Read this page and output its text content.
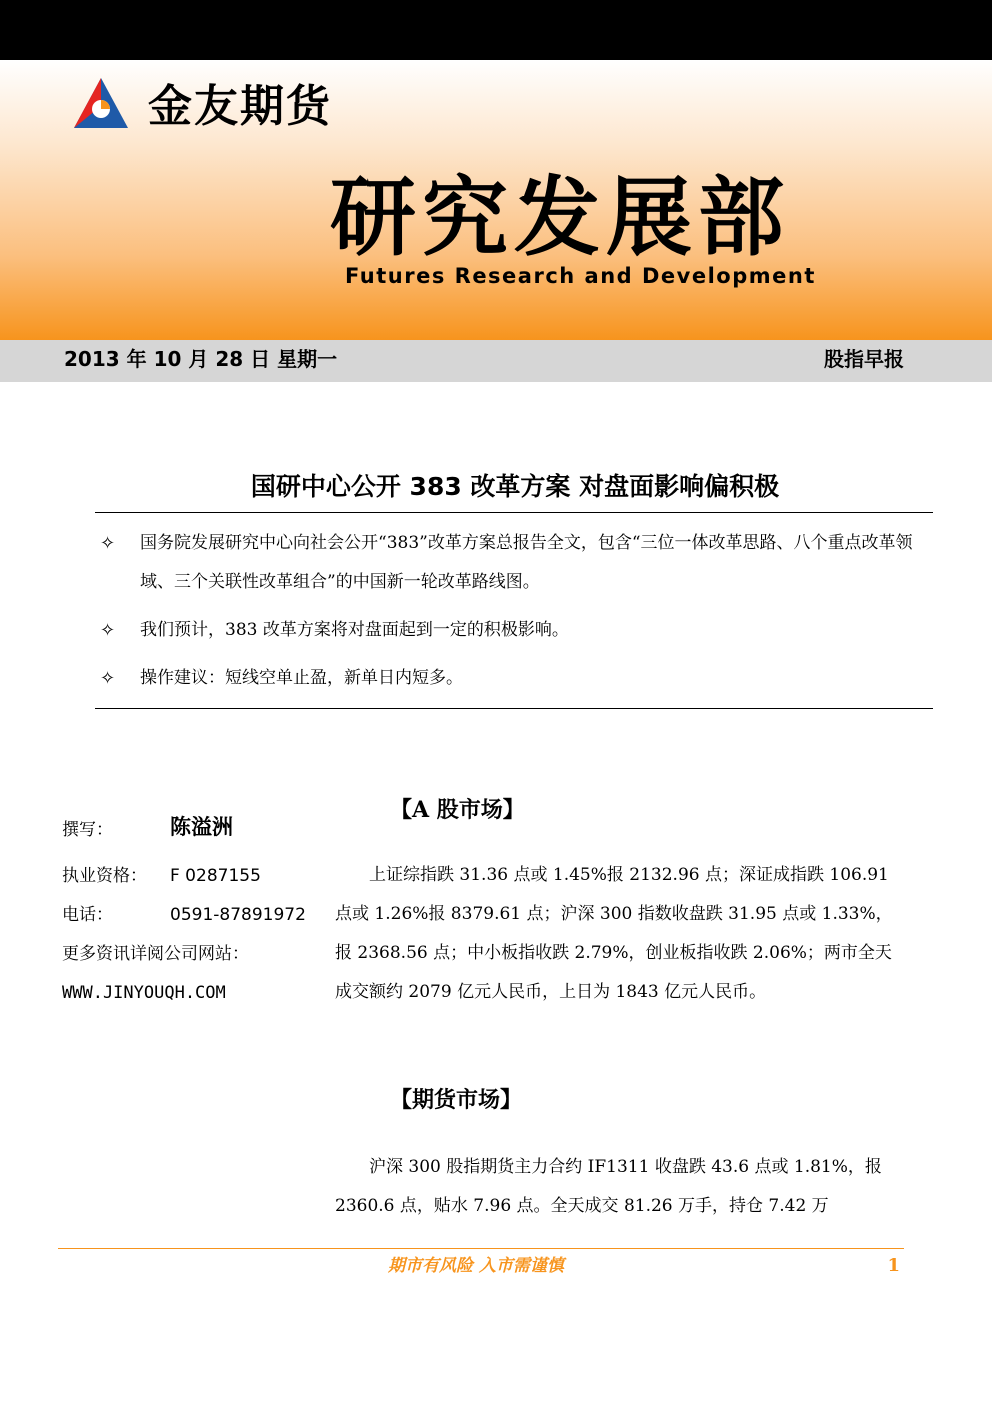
金友期货
研究发展部
Futures Research and Development
2013 年 10 月 28 日 星期一	股指早报
国研中心公开 383 改革方案 对盘面影响偏积极
✧	国务院发展研究中心向社会公开“383”改革方案总报告全文，包含“三位一体改革思路、八个重点改革领域、三个关联性改革组合”的中国新一轮改革路线图。
✧	我们预计，383 改革方案将对盘面起到一定的积极影响。
✧	操作建议：短线空单止盈，新单日内短多。
撰写：	陈溢洲
执业资格： F 0287155
电话：	0591-87891972
更多资讯详阅公司网站：
WWW.JINYOUQH.COM
【A 股市场】

上证综指跌 31.36 点或 1.45%报 2132.96 点；深证成指跌 106.91 点或 1.26%报 8379.61 点；沪深 300 指数收盘跌 31.95 点或 1.33%，报 2368.56 点；中小板指收跌 2.79%，创业板指收跌 2.06%；两市全天成交额约 2079 亿元人民币，上日为 1843 亿元人民币。

【期货市场】

沪深 300 股指期货主力合约 IF1311 收盘跌 43.6 点或 1.81%，报 2360.6 点，贴水 7.96 点。全天成交 81.26 万手，持仓 7.42 万

期市有风险 入市需谨慎	1
